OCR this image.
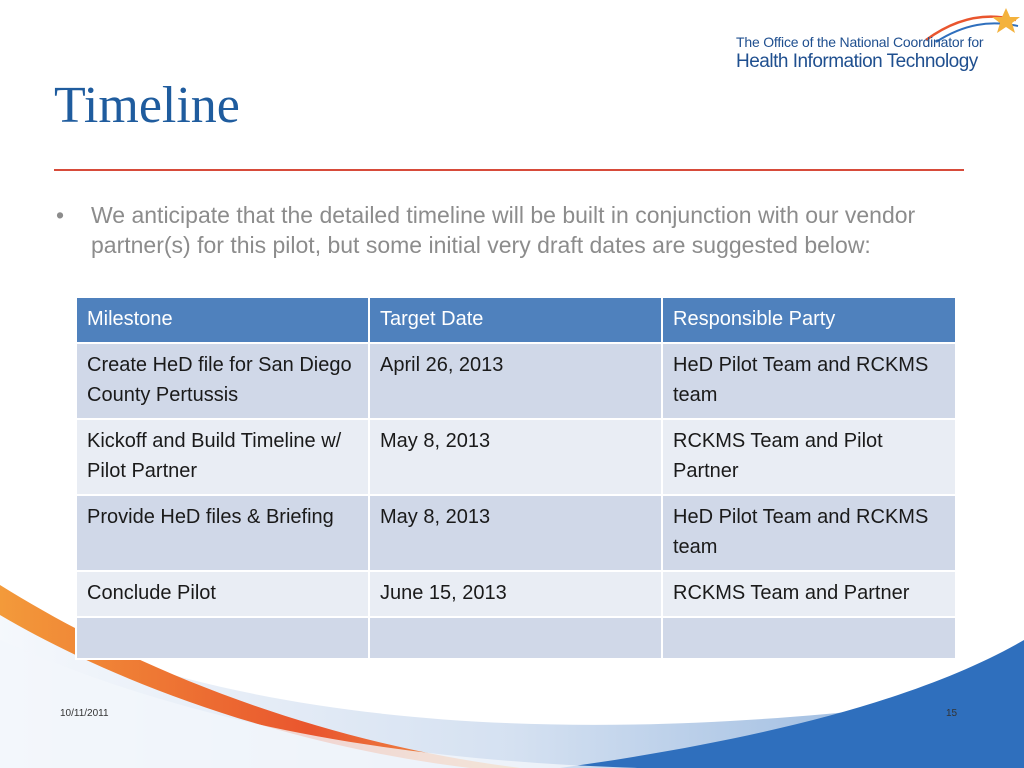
The Office of the National Coordinator for
Health Information Technology
Timeline
• We anticipate that the detailed timeline will be built in conjunction with our vendor partner(s) for this pilot, but some initial very draft dates are suggested below:
Milestone	Target Date	Responsible Party
Create HeD file for San Diego County Pertussis	April 26, 2013	HeD Pilot Team and RCKMS team
Kickoff and Build Timeline w/ Pilot Partner	May 8, 2013	RCKMS Team and Pilot Partner
Provide HeD files & Briefing	May 8, 2013	HeD Pilot Team and RCKMS team
Conclude Pilot	June 15, 2013	RCKMS Team and Partner

10/11/2011	15
